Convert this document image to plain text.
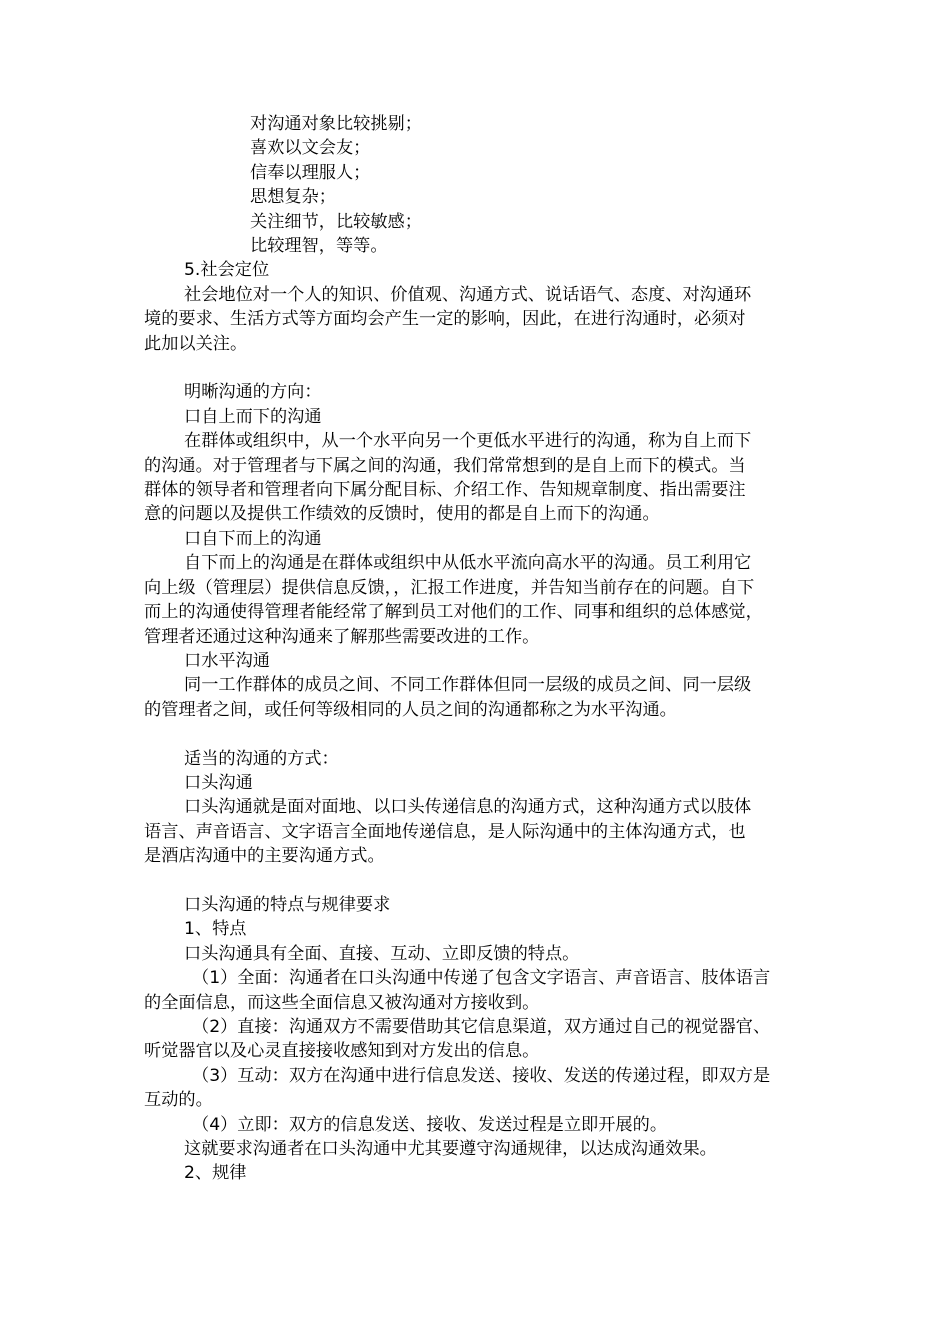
对沟通对象比较挑剔；
喜欢以文会友；
信奉以理服人；
思想复杂；
关注细节，比较敏感；
比较理智，等等。
5.社会定位
社会地位对一个人的知识、价值观、沟通方式、说话语气、态度、对沟通环
境的要求、生活方式等方面均会产生一定的影响，因此，在进行沟通时，必须对
此加以关注。
明晰沟通的方向：
口自上而下的沟通
在群体或组织中，从一个水平向另一个更低水平进行的沟通，称为自上而下
的沟通。对于管理者与下属之间的沟通，我们常常想到的是自上而下的模式。当
群体的领导者和管理者向下属分配目标、介绍工作、告知规章制度、指出需要注
意的问题以及提供工作绩效的反馈时，使用的都是自上而下的沟通。
口自下而上的沟通
自下而上的沟通是在群体或组织中从低水平流向高水平的沟通。员工利用它
向上级（管理层）提供信息反馈，，汇报工作进度，并告知当前存在的问题。自下
而上的沟通使得管理者能经常了解到员工对他们的工作、同事和组织的总体感觉，
管理者还通过这种沟通来了解那些需要改进的工作。
口水平沟通
同一工作群体的成员之间、不同工作群体但同一层级的成员之间、同一层级
的管理者之间，或任何等级相同的人员之间的沟通都称之为水平沟通。
适当的沟通的方式：
口头沟通
口头沟通就是面对面地、以口头传递信息的沟通方式，这种沟通方式以肢体
语言、声音语言、文字语言全面地传递信息，是人际沟通中的主体沟通方式，也
是酒店沟通中的主要沟通方式。
口头沟通的特点与规律要求
1、特点
口头沟通具有全面、直接、互动、立即反馈的特点。
（1）全面：沟通者在口头沟通中传递了包含文字语言、声音语言、肢体语言
的全面信息，而这些全面信息又被沟通对方接收到。
（2）直接：沟通双方不需要借助其它信息渠道，双方通过自己的视觉器官、
听觉器官以及心灵直接接收感知到对方发出的信息。
（3）互动：双方在沟通中进行信息发送、接收、发送的传递过程，即双方是
互动的。
（4）立即：双方的信息发送、接收、发送过程是立即开展的。
这就要求沟通者在口头沟通中尤其要遵守沟通规律，以达成沟通效果。
2、规律
